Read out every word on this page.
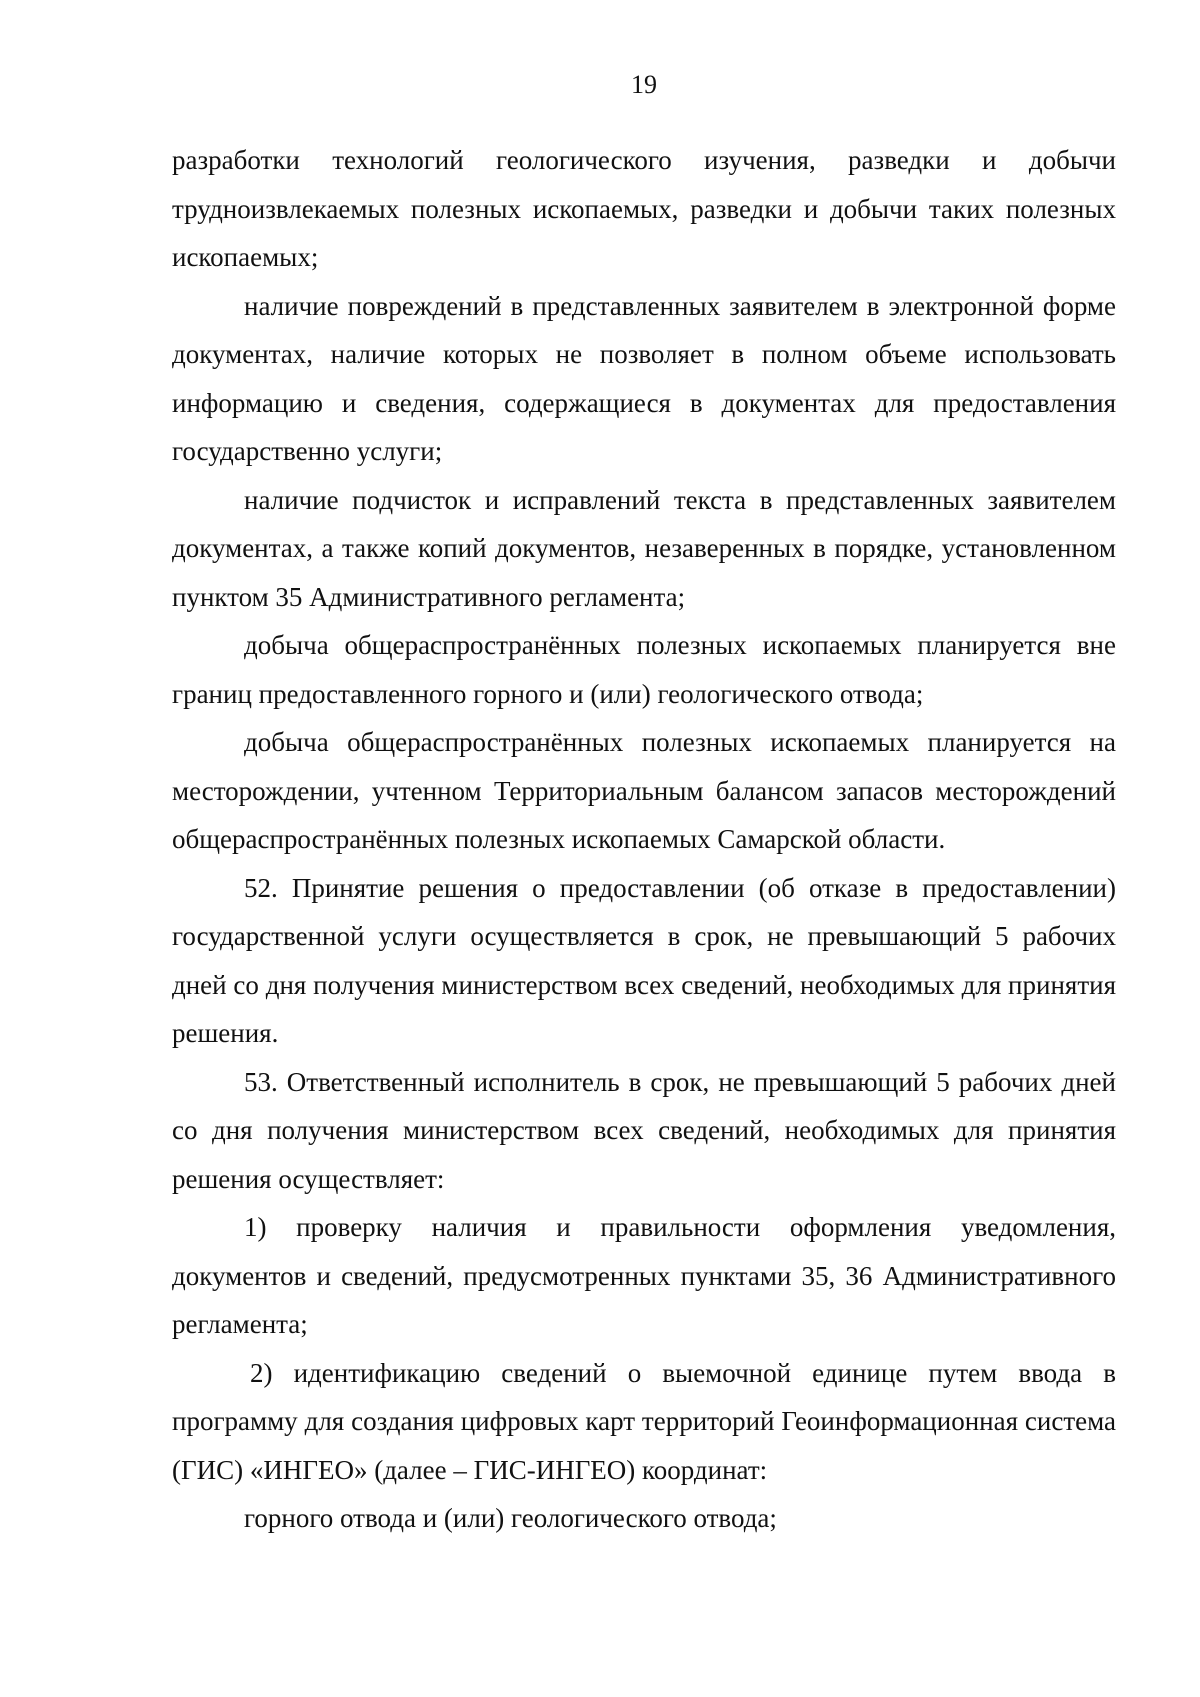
19

разработки технологий геологического изучения, разведки и добычи трудноизвлекаемых полезных ископаемых, разведки и добычи таких полезных ископаемых;

наличие повреждений в представленных заявителем в электронной форме документах, наличие которых не позволяет в полном объеме использовать информацию и сведения, содержащиеся в документах для предоставления государственно услуги;

наличие подчисток и исправлений текста в представленных заявителем документах, а также копий документов, незаверенных в порядке, установленном пунктом 35 Административного регламента;

добыча общераспространённых полезных ископаемых планируется вне границ предоставленного горного и (или) геологического отвода;

добыча общераспространённых полезных ископаемых планируется на месторождении, учтенном Территориальным балансом запасов месторождений общераспространённых полезных ископаемых Самарской области.

52. Принятие решения о предоставлении (об отказе в предоставлении) государственной услуги осуществляется в срок, не превышающий 5 рабочих дней со дня получения министерством всех сведений, необходимых для принятия решения.

53. Ответственный исполнитель в срок, не превышающий 5 рабочих дней со дня получения министерством всех сведений, необходимых для принятия решения осуществляет:

1) проверку наличия и правильности оформления уведомления, документов и сведений, предусмотренных пунктами 35, 36 Административного регламента;

2) идентификацию сведений о выемочной единице путем ввода в программу для создания цифровых карт территорий Геоинформационная система (ГИС) «ИНГЕО» (далее – ГИС-ИНГЕО) координат:

горного отвода и (или) геологического отвода;
